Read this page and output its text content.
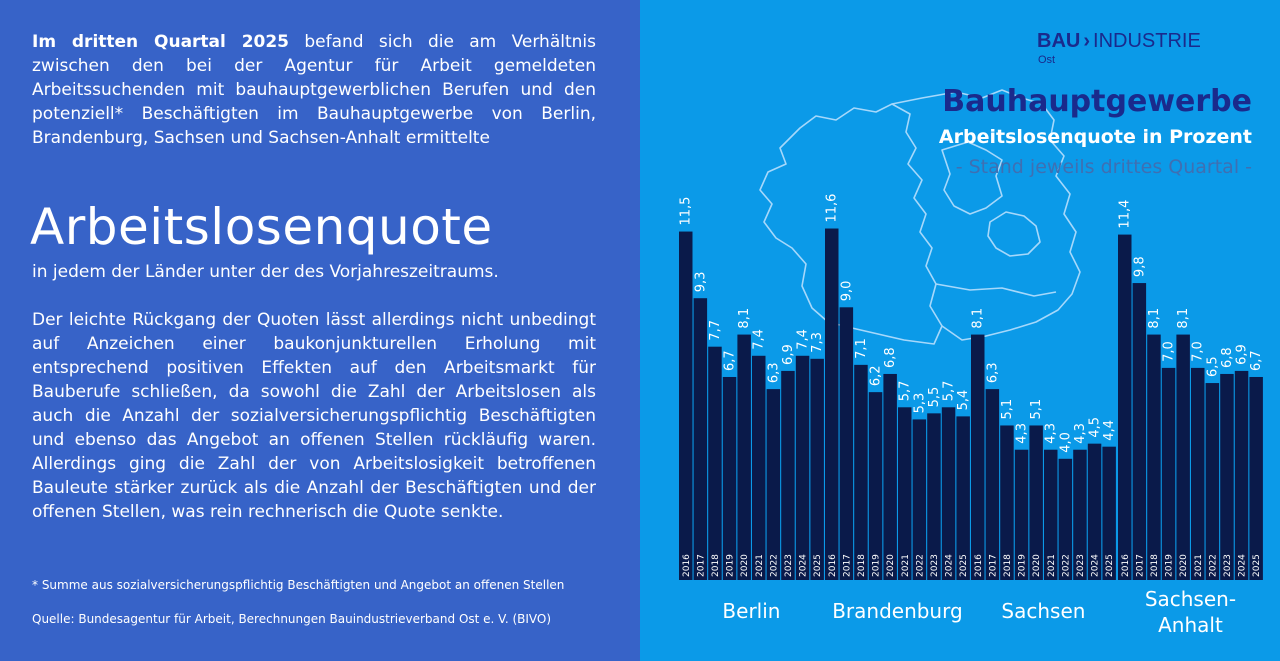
Im dritten Quartal 2025 befand sich die am Verhältnis zwischen den bei der Agentur für Arbeit gemeldeten Arbeitssuchenden mit bauhauptgewerblichen Berufen und den potenziell* Beschäftigten im Bauhauptgewerbe von Berlin, Brandenburg, Sachsen und Sachsen-Anhalt ermittelte

Arbeitslosenquote

in jedem der Länder unter der des Vorjahreszeitraums.

Der leichte Rückgang der Quoten lässt allerdings nicht unbedingt auf Anzeichen einer baukonjunkturellen Erholung mit entsprechend positiven Effekten auf den Arbeitsmarkt für Bauberufe schließen, da sowohl die Zahl der Arbeitslosen als auch die Anzahl der sozialversicherungspflichtig Beschäftigten und ebenso das Angebot an offenen Stellen rückläufig waren. Allerdings ging die Zahl der von Arbeitslosigkeit betroffenen Bauleute stärker zurück als die Anzahl der Beschäftigten und der offenen Stellen, was rein rechnerisch die Quote senkte.

* Summe aus sozialversicherungspflichtig Beschäftigten und Angebot an offenen Stellen

Quelle: Bundesagentur für Arbeit, Berechnungen Bauindustrieverband Ost e. V. (BIVO)

11,5
2016
9,3
2017
7,7
2018
6,7
2019
8,1
2020
7,4
2021
6,3
2022
6,9
2023
7,4
2024
7,3
2025
Berlin
11,6
2016
9,0
2017
7,1
2018
6,2
2019
6,8
2020
5,7
2021
5,3
2022
5,5
2023
5,7
2024
5,4
2025
Brandenburg
8,1
2016
6,3
2017
5,1
2018
4,3
2019
5,1
2020
4,3
2021
4,0
2022
4,3
2023
4,5
2024
4,4
2025
Sachsen
11,4
2016
9,8
2017
8,1
2018
7,0
2019
8,1
2020
7,0
2021
6,5
2022
6,8
2023
6,9
2024
6,7
2025
Sachsen-
Anhalt
BAU › INDUSTRIE
Ost
Bauhauptgewerbe
Arbeitslosenquote in Prozent

- Stand jeweils drittes Quartal -
